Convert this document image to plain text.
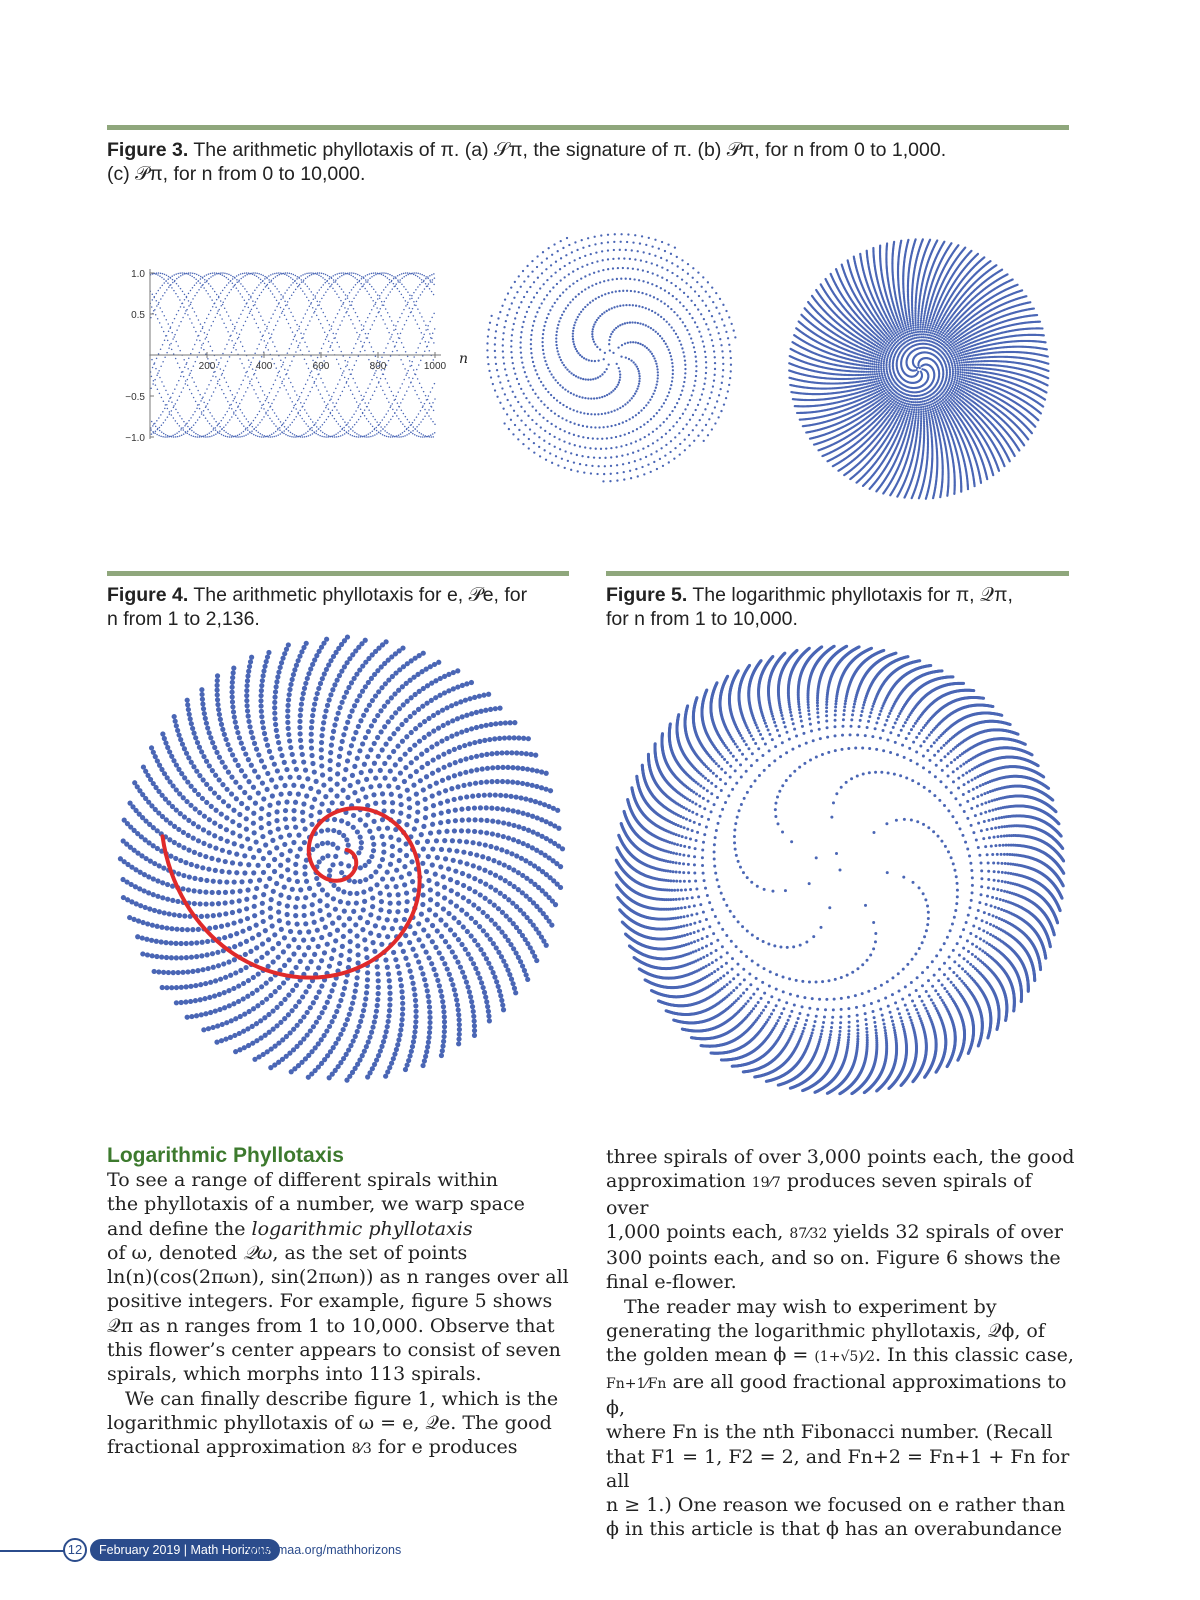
Figure 3. The arithmetic phyllotaxis of π. (a) 𝒮π, the signature of π. (b) 𝒫π, for n from 0 to 1,000.
(c) 𝒫π, for n from 0 to 10,000.
200	400	600	800	1000
1.0
0.5
−0.5
−1.0
n
Figure 4. The arithmetic phyllotaxis for e, 𝒫e, for
n from 1 to 2,136.
Figure 5. The logarithmic phyllotaxis for π, 𝒬π,
for n from 1 to 10,000.
Logarithmic Phyllotaxis

To see a range of different spirals within

the phyllotaxis of a number, we warp space

and define the logarithmic phyllotaxis

of ω, denoted 𝒬ω, as the set of points

ln(n)(cos(2πωn), sin(2πωn)) as n ranges over all

positive integers. For example, figure 5 shows

𝒬π as n ranges from 1 to 10,000. Observe that

this flower’s center appears to consist of seven

spirals, which morphs into 113 spirals.

We can finally describe figure 1, which is the

logarithmic phyllotaxis of ω = e, 𝒬e. The good

fractional approximation 8⁄3 for e produces

three spirals of over 3,000 points each, the good

approximation 19⁄7 produces seven spirals of over

1,000 points each, 87⁄32 yields 32 spirals of over

300 points each, and so on. Figure 6 shows the

final e-flower.

The reader may wish to experiment by

generating the logarithmic phyllotaxis, 𝒬ϕ, of

the golden mean ϕ = (1+√5)⁄2. In this classic case,

Fn+1⁄Fn are all good fractional approximations to ϕ,

where Fn is the nth Fibonacci number. (Recall

that F1 = 1, F2 = 2, and Fn+2 = Fn+1 + Fn for all

n ≥ 1.) One reason we focused on e rather than

ϕ in this article is that ϕ has an overabundance

12	February 2019 | Math Horizons
www.maa.org/mathhorizons
